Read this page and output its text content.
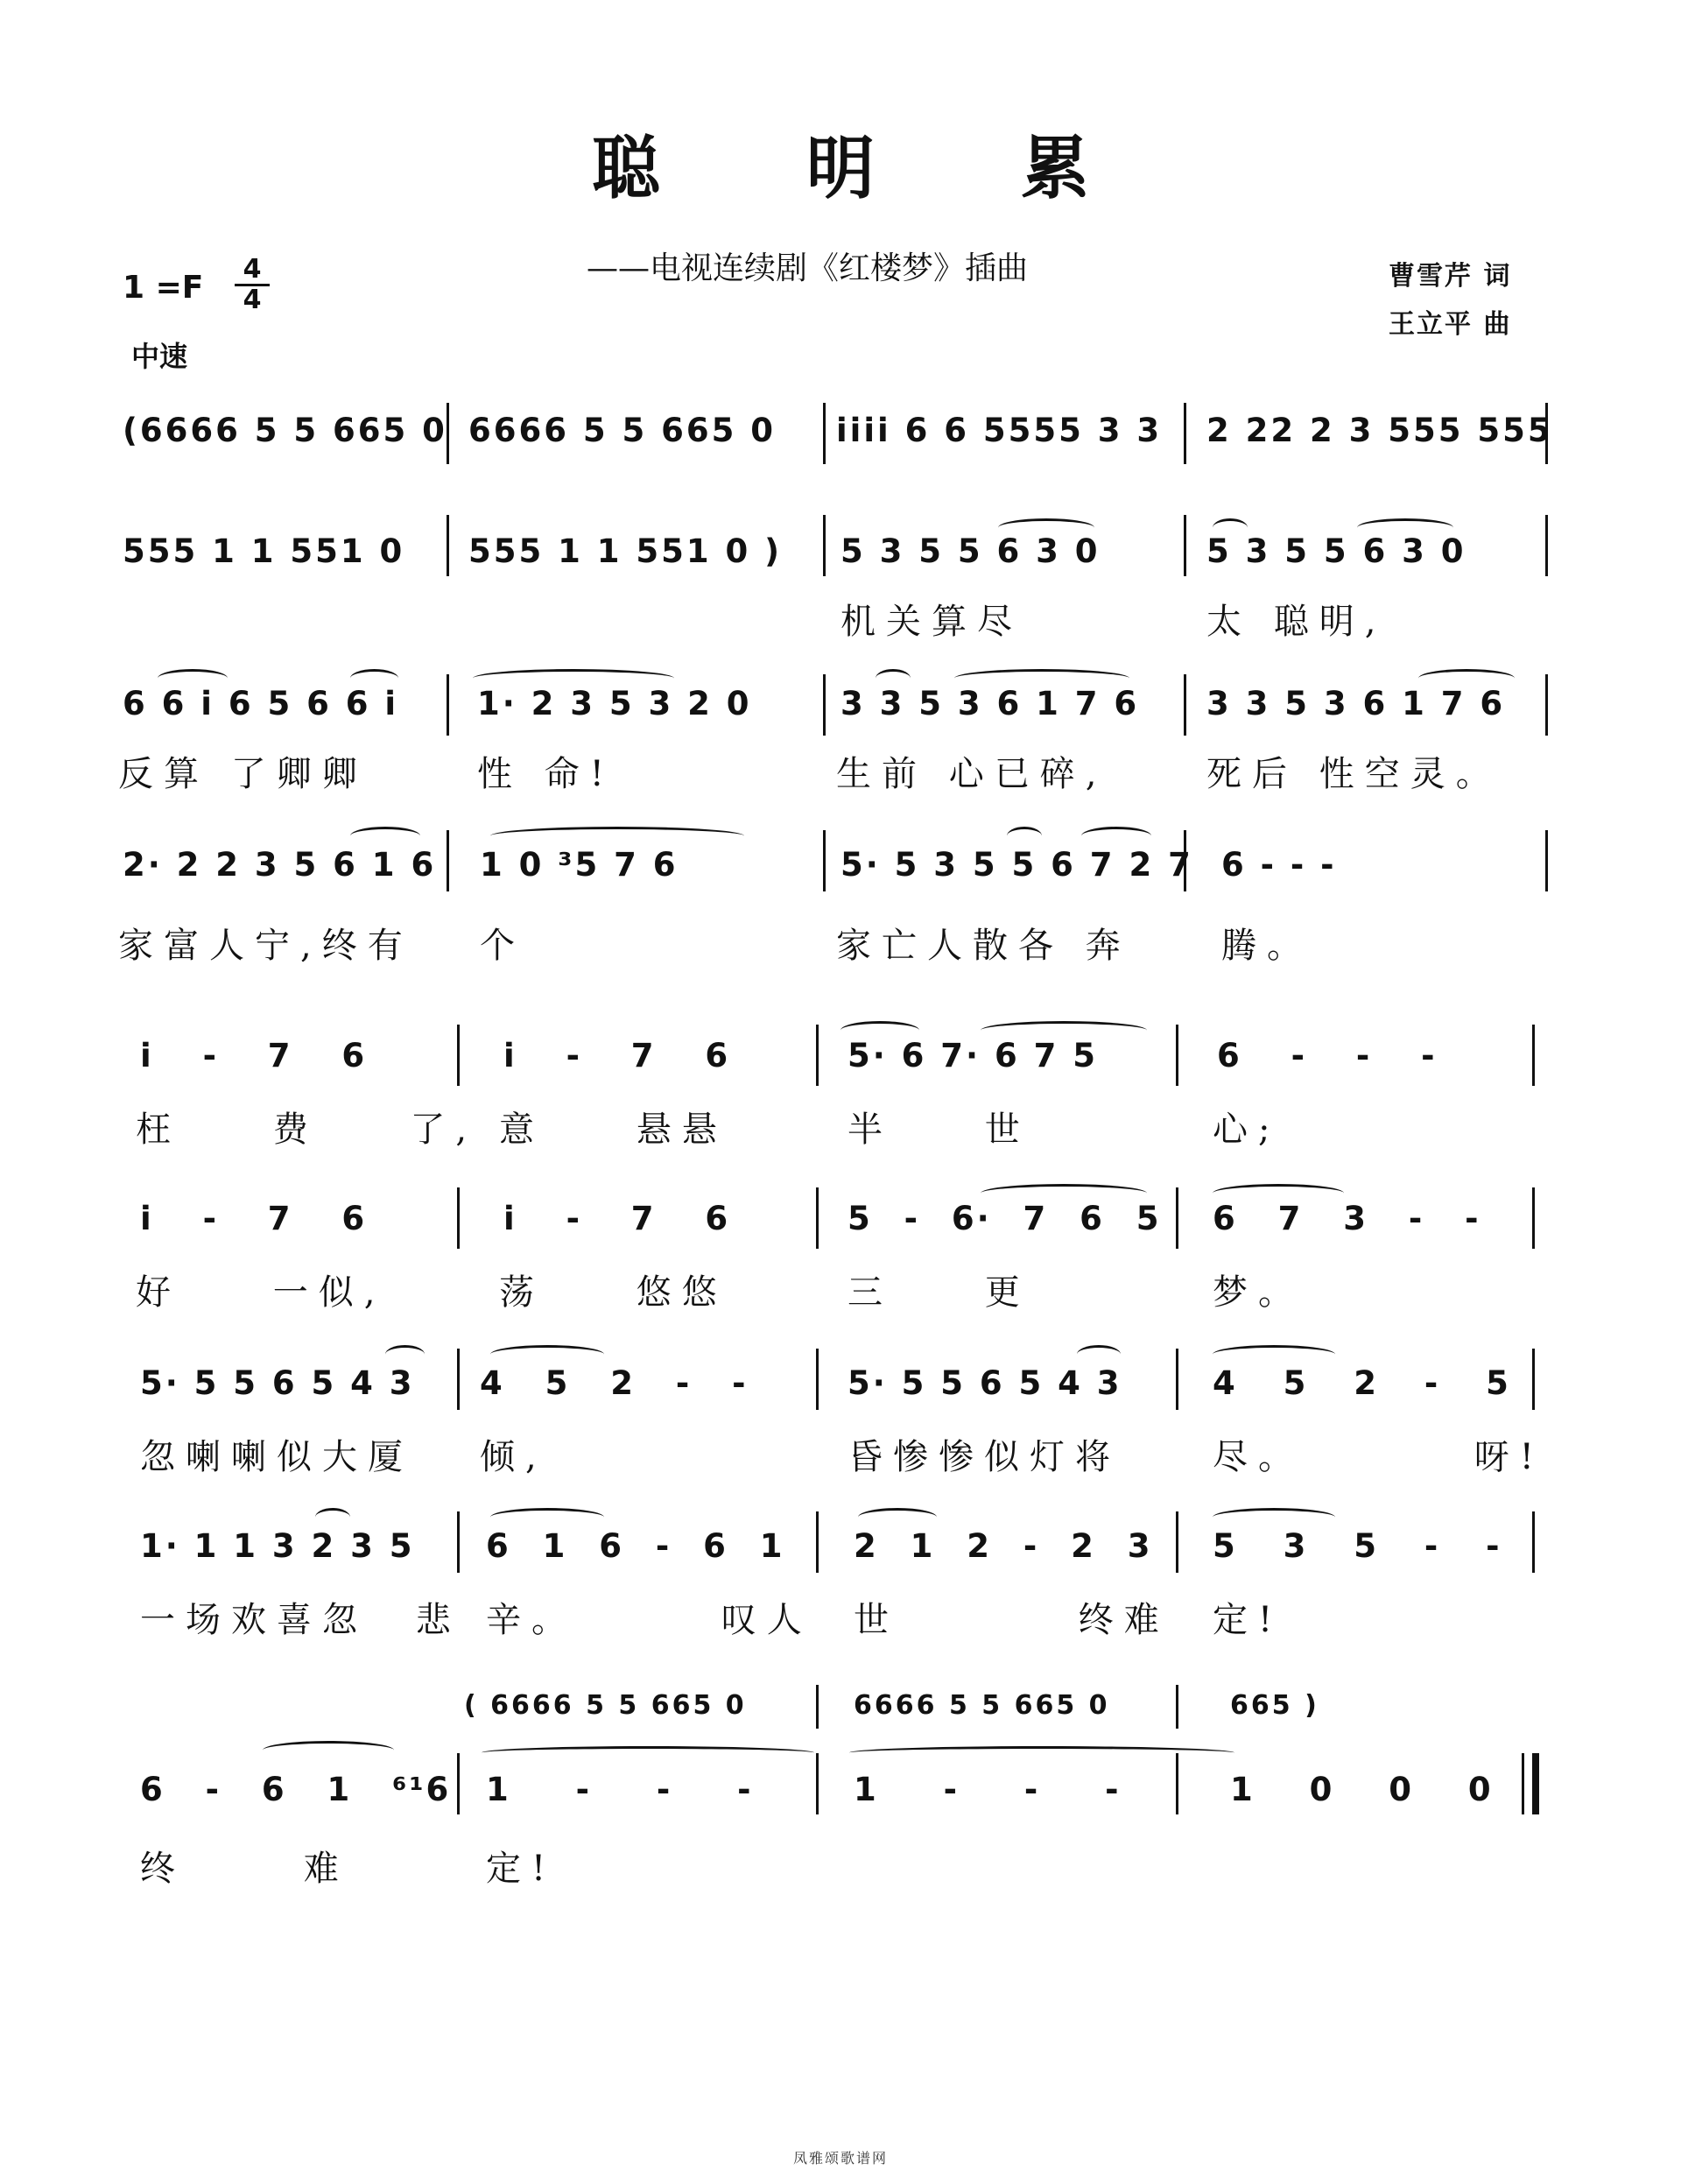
聪 明 累
——电视连续剧《红楼梦》插曲	曹雪芹 词
王立平 曲
1 =F
4
4
中速
(6666 5 5 665 0 6666 5 5 665 0 i̇i̇i̇i̇ 6 6 5555 3 3 2 22 2 3 555 555
555 1 1 551 0 555 1 1 551 0 ) 5 3 5 5 6 3 0	5 3 5 5 6 3 0
机关算尽	太 聪明,
6 6 i̇ 6 5 6 6 i̇ 1· 2 3 5 3 2 0	3 3 5 3 6 1 7 6 3 3 5 3 6 1 7 6
反算 了卿卿	性 命!	生前 心已碎,	死后 性空灵。
2· 2 2 3 5 6 1 6 1 0 ³5 7 6	5· 5 3 5 5 6 7 2 7 6 - - -
家富人宁,终有 个	家亡人散各 奔	腾。
i̇ - 7 6	i̇ - 7 6	5· 6 7· 6 7 5	6 - - -
枉 费 了, 意 悬悬	半 世	心;
i̇ - 7 6	i̇ - 7 6	5 - 6· 7 6 5 6 7 3 - -
好 一似,	荡 悠悠	三 更	梦。
5· 5 5 6 5 4 3 4 5 2 - -	5· 5 5 6 5 4 3	4 5 2 - 5
忽喇喇似大厦 倾,	昏惨惨似灯将	尽。 呀!
1· 1 1 3 2 3 5 6 1 6 - 6 1 2 1 2 - 2 3 5 3 5 - -
一场欢喜忽 悲 辛。 叹人 世 终难 定!
( 6666 5 5 665 0	6666 5 5 665 0	665 )
6 - 6 1 ⁶¹6 1 - - -	1 - - -	1 0 0 0
终 难	定!
凤雅颂歌谱网
